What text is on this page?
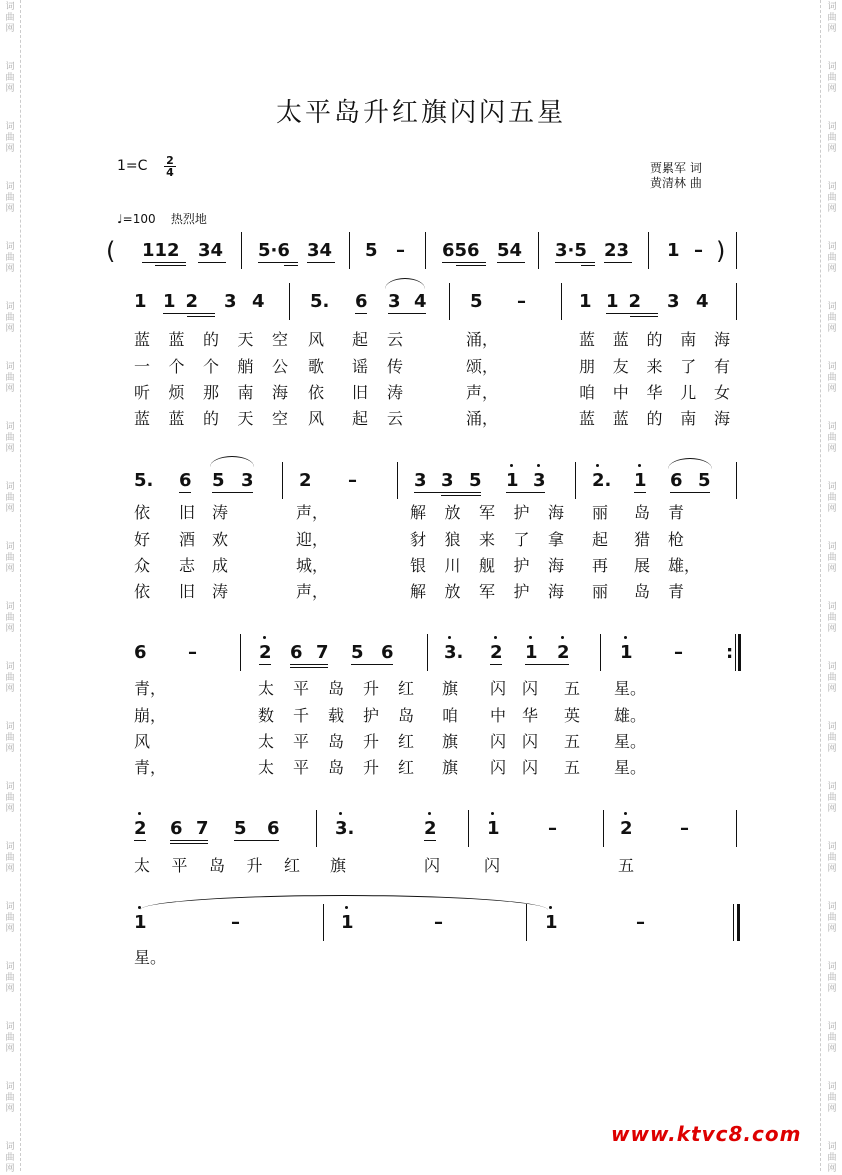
词
曲
网
词
曲
网
词
曲
网
词
曲
网
词
曲
网
词
曲
网
词
曲
网
词
曲
网
词
曲
网
词
曲
网
词
曲
网
词
曲
网
词
曲
网
词
曲
网
词
曲
网
词
曲
网
词
曲
网
词
曲
网
词
曲
网
词
曲
网
词
曲
网
词
曲
网
词
曲
网
词
曲
网
词
曲
网
词
曲
网
词
曲
网
词
曲
网
词
曲
网
词
曲
网
词
曲
网
词
曲
网
词
曲
网
词
曲
网
词
曲
网
词
曲
网
词
曲
网
词
曲
网
词
曲
网
词
曲
网
太平岛升红旗闪闪五星
$1=C \frac{2}{4}$	贾累军 词
黄清林 曲
♩=100 热烈地
( 112 34 5·6 34 5 – 656 54 3·5 23 1 – )
1 12 3 4	5. 6 3 4 5 –	1 12 3 4
蓝 蓝 的 天 空 风 起 云	涌，	蓝 蓝 的 南 海
一 个 个 艄 公 歌 谣 传	颂，	朋 友 来 了 有
听 烦 那 南 海 依 旧 涛	声，	咱 中 华 儿 女
蓝 蓝 的 天 空 风 起 云	涌，	蓝 蓝 的 南 海
5. 6 5 3	2 –	3 3 5 1 3	2. 1 6 5
依 旧 涛	声，	解 放 军 护 海 丽 岛 青
好 酒 欢	迎，	豺 狼 来 了 拿 起 猎 枪
众 志 成	城，	银 川 舰 护 海 再 展 雄，
依 旧 涛	声，	解 放 军 护 海 丽 岛 青
6 –	2 6 7 5 6	3. 2 1 2	1 – :
青，	太 平 岛 升 红 旗 闪 闪 五 星。
崩，	数 千 载 护 岛 咱 中 华 英 雄。
风	太 平 岛 升 红 旗 闪 闪 五 星。
青，	太 平 岛 升 红 旗 闪 闪 五 星。
2 6 7 5 6	3.	2	1	–	2	–
太 平 岛 升 红 旗	闪	闪	五
1	–	1	–	1	–
星。
www.ktvc8.com
